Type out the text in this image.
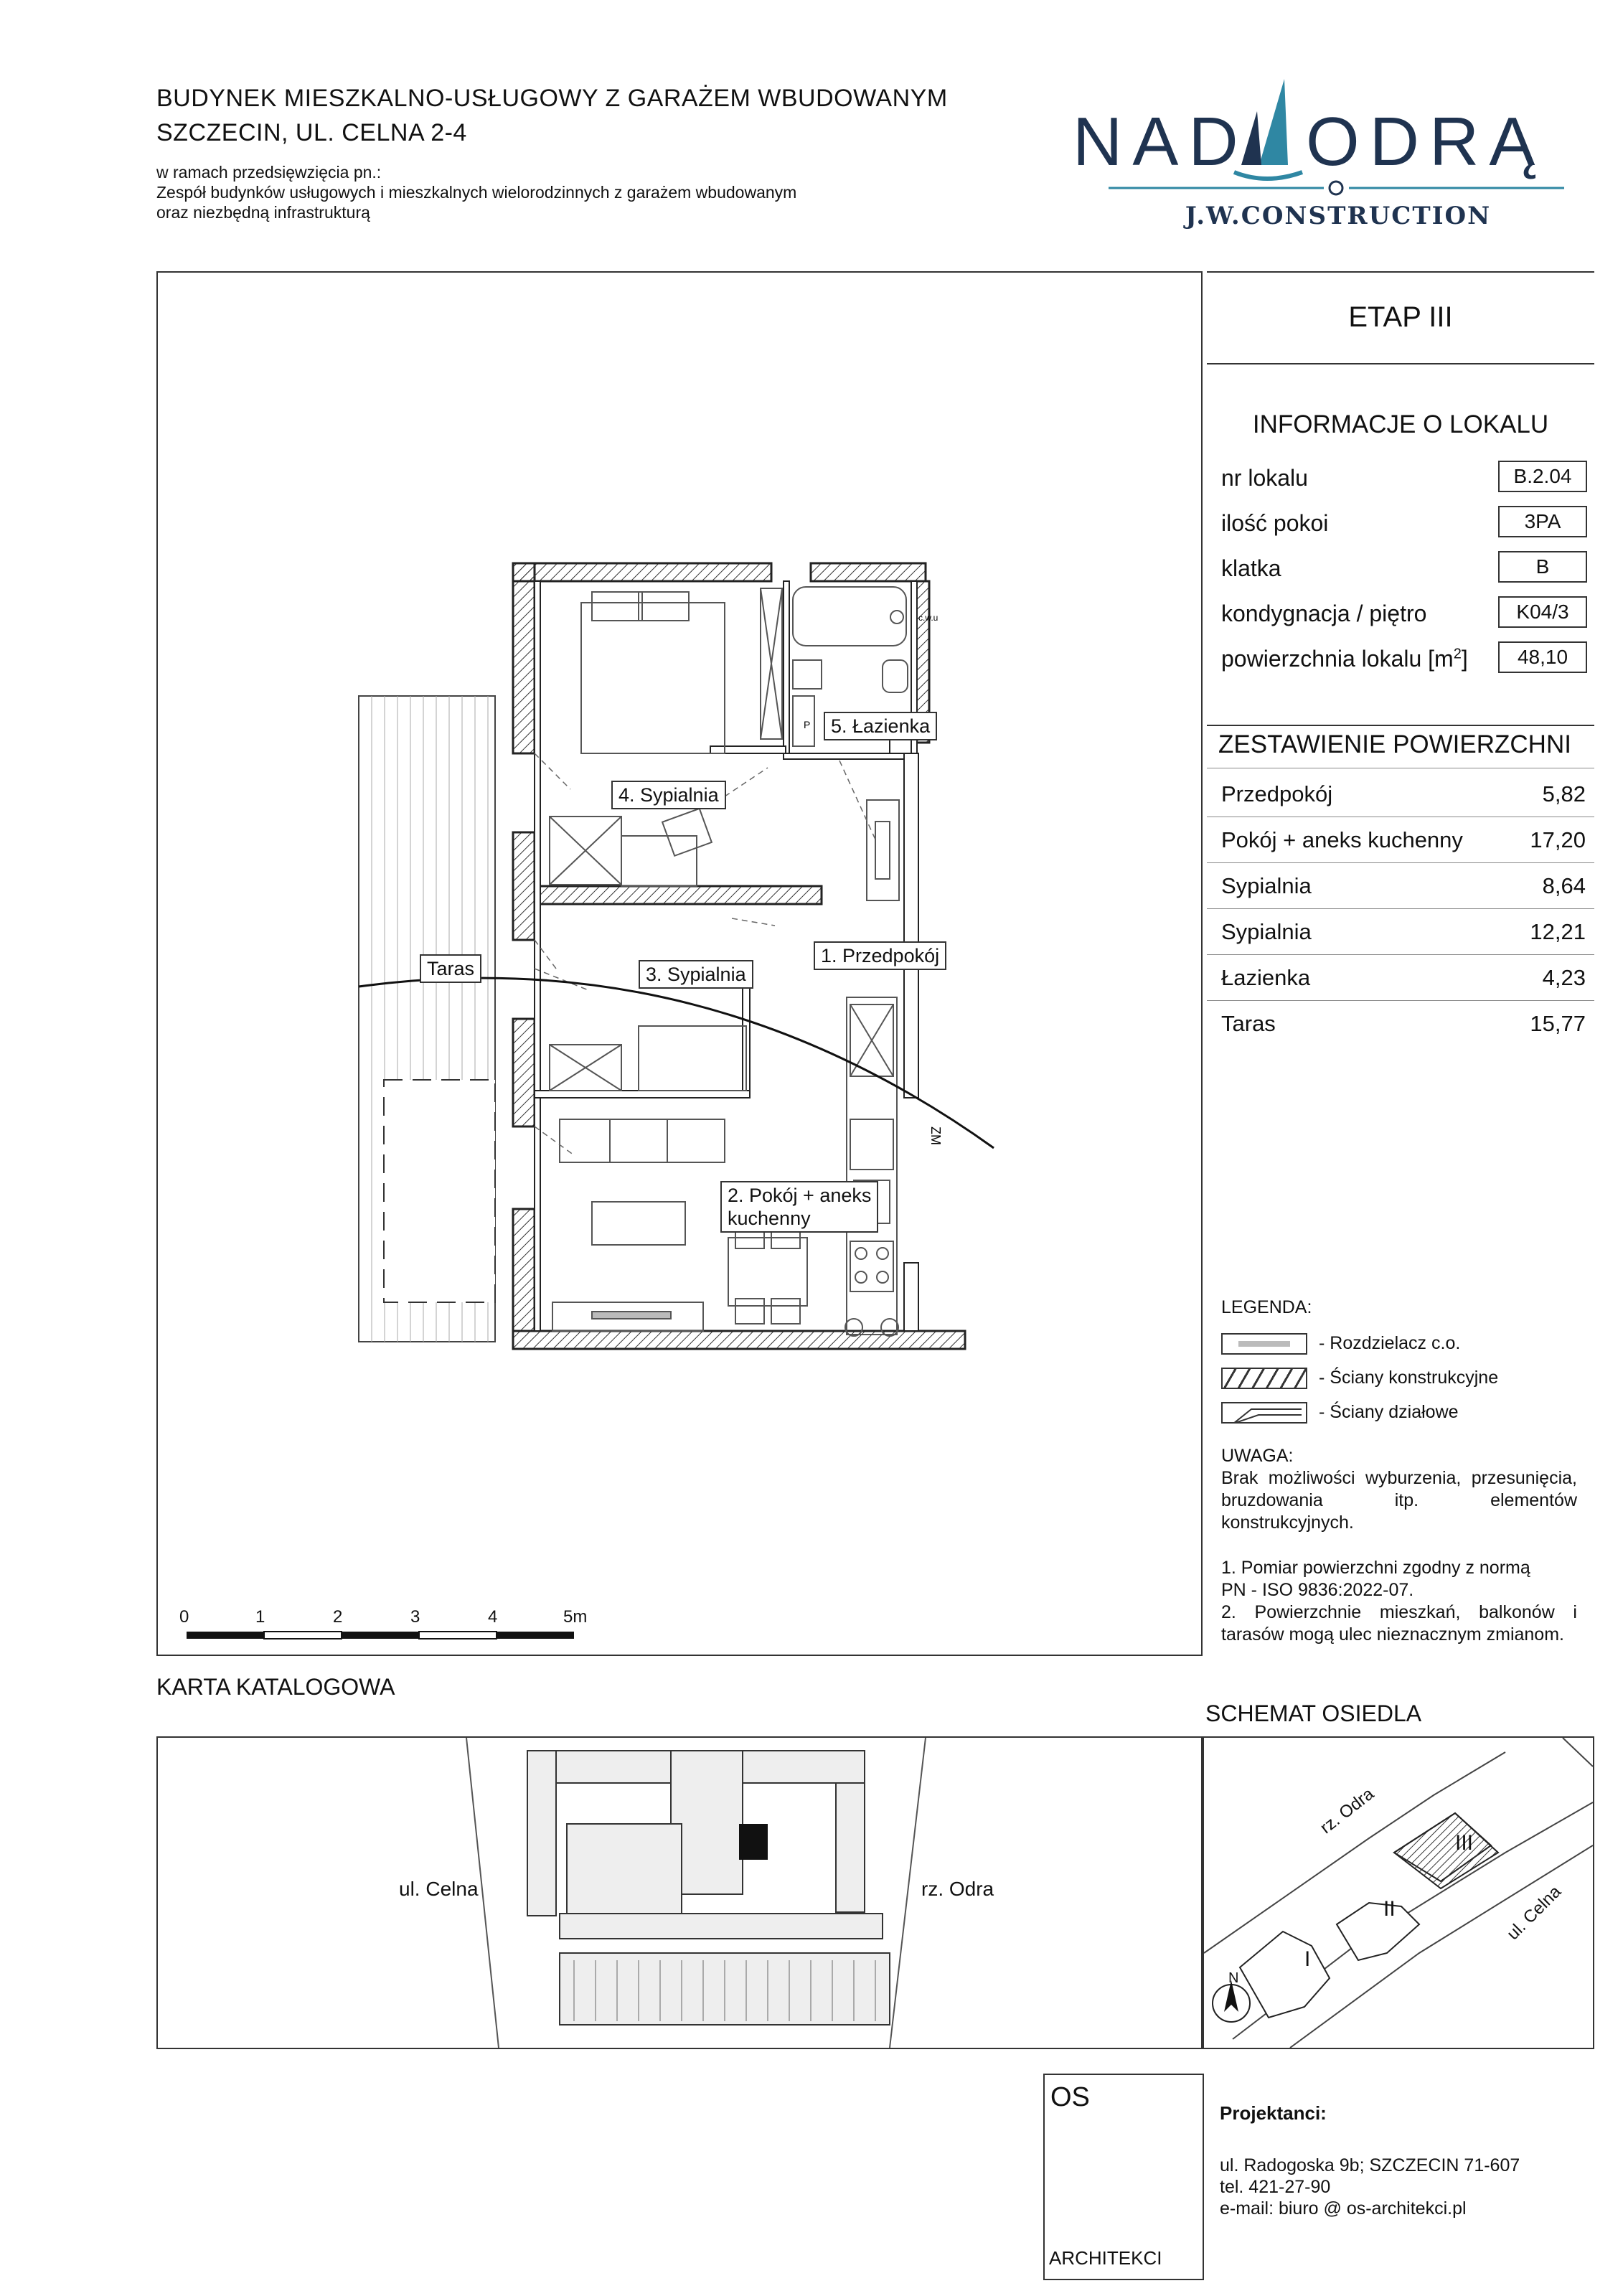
BUDYNEK MIESZKALNO-USŁUGOWY Z GARAŻEM WBUDOWANYM
SZCZECIN, UL. CELNA 2-4
w ramach przedsięwzięcia pn.:
Zespół budynków usługowych i mieszkalnych wielorodzinnych z garażem wbudowanym
oraz niezbędną infrastrukturą
NAD ODRĄ
J.W.CONSTRUCTION
ZM
c.w.u
P	5. Łazienka
4. Sypialnia
1. Przedpokój
3. Sypialnia
Taras
2. Pokój + aneks
kuchenny
0	1	2	3	4	5m
ETAP III
INFORMACJE O LOKALU
nr lokalu	B.2.04
ilość pokoi	3PA
klatka	B
kondygnacja / piętro	K04/3
powierzchnia lokalu $[m^2]$	48,10
ZESTAWIENIE POWIERZCHNI
Przedpokój	5,82
Pokój + aneks kuchenny	17,20
Sypialnia	8,64
Sypialnia	12,21
Łazienka	4,23
Taras	15,77
LEGENDA:
- Rozdzielacz c.o.
- Ściany konstrukcyjne
- Ściany działowe
UWAGA:
Brak możliwości wyburzenia, przesunięcia, bruzdowania itp. elementów konstrukcyjnych.
1. Pomiar powierzchni zgodny z normą
PN - ISO 9836:2022-07.
2. Powierzchnie mieszkań, balkonów i tarasów mogą ulec nieznacznym zmianom.
KARTA KATALOGOWA
SCHEMAT OSIEDLA
ul. Celna	rz. Odra
rz. Odra
ul. Celna
I
II
III
N
OS
ARCHITEKCI
Projektanci:
ul. Radogoska 9b; SZCZECIN 71-607
tel. 421-27-90
e-mail: biuro @ os-architekci.pl
